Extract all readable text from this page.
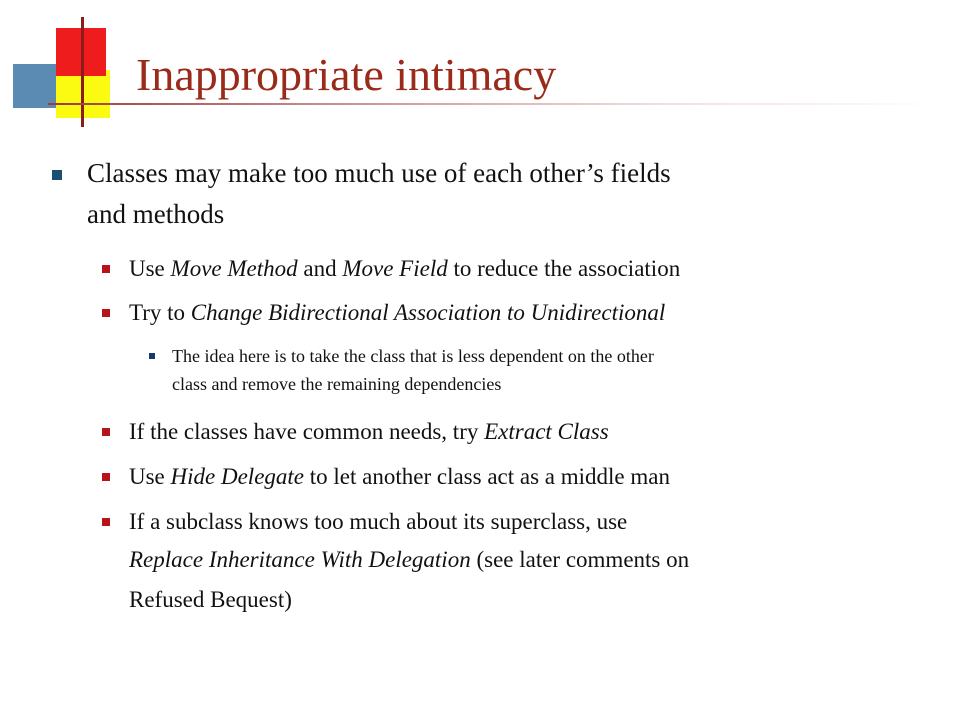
Inappropriate intimacy

Classes may make too much use of each other’s fields

and methods

Use Move Method and Move Field to reduce the association

Try to Change Bidirectional Association to Unidirectional

The idea here is to take the class that is less dependent on the other

class and remove the remaining dependencies

If the classes have common needs, try Extract Class

Use Hide Delegate to let another class act as a middle man

If a subclass knows too much about its superclass, use

Replace Inheritance With Delegation (see later comments on

Refused Bequest)
